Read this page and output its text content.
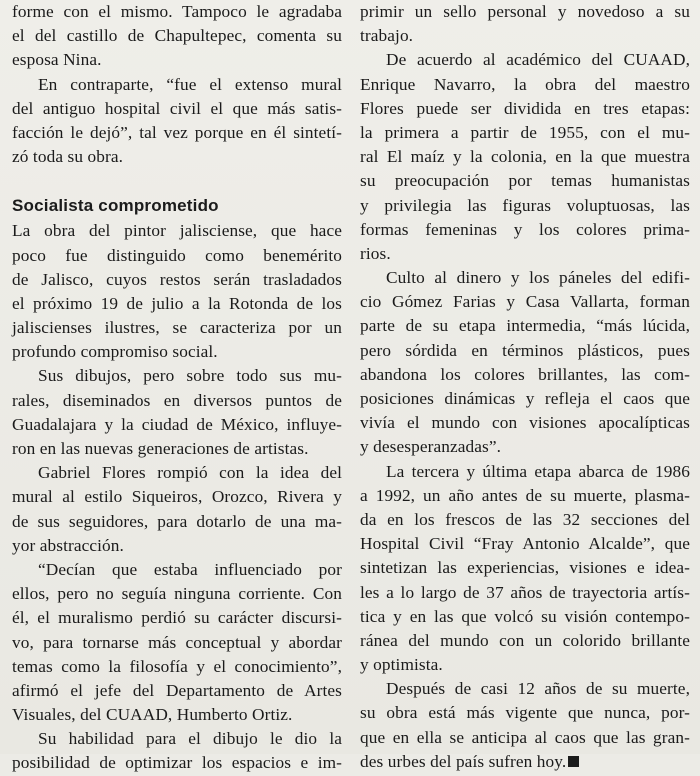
forme con el mismo. Tampoco le agradaba
el del castillo de Chapultepec, comenta su
esposa Nina.
En contraparte, “fue el extenso mural
del antiguo hospital civil el que más satis-
facción le dejó”, tal vez porque en él sintetí-
zó toda su obra.
Socialista comprometido
La obra del pintor jalisciense, que hace
poco fue distinguido como benemérito
de Jalisco, cuyos restos serán trasladados
el próximo 19 de julio a la Rotonda de los
jaliscienses ilustres, se caracteriza por un
profundo compromiso social.
Sus dibujos, pero sobre todo sus mu-
rales, diseminados en diversos puntos de
Guadalajara y la ciudad de México, influye-
ron en las nuevas generaciones de artistas.
Gabriel Flores rompió con la idea del
mural al estilo Siqueiros, Orozco, Rivera y
de sus seguidores, para dotarlo de una ma-
yor abstracción.
“Decían que estaba influenciado por
ellos, pero no seguía ninguna corriente. Con
él, el muralismo perdió su carácter discursi-
vo, para tornarse más conceptual y abordar
temas como la filosofía y el conocimiento”,
afirmó el jefe del Departamento de Artes
Visuales, del CUAAD, Humberto Ortiz.
Su habilidad para el dibujo le dio la
posibilidad de optimizar los espacios e im-
primir un sello personal y novedoso a su
trabajo.
De acuerdo al académico del CUAAD,
Enrique Navarro, la obra del maestro
Flores puede ser dividida en tres etapas:
la primera a partir de 1955, con el mu-
ral El maíz y la colonia, en la que muestra
su preocupación por temas humanistas
y privilegia las figuras voluptuosas, las
formas femeninas y los colores prima-
rios.
Culto al dinero y los páneles del edifi-
cio Gómez Farias y Casa Vallarta, forman
parte de su etapa intermedia, “más lúcida,
pero sórdida en términos plásticos, pues
abandona los colores brillantes, las com-
posiciones dinámicas y refleja el caos que
vivía el mundo con visiones apocalípticas
y desesperanzadas”.
La tercera y última etapa abarca de 1986
a 1992, un año antes de su muerte, plasma-
da en los frescos de las 32 secciones del
Hospital Civil “Fray Antonio Alcalde”, que
sintetizan las experiencias, visiones e idea-
les a lo largo de 37 años de trayectoria artís-
tica y en las que volcó su visión contempo-
ránea del mundo con un colorido brillante
y optimista.
Después de casi 12 años de su muerte,
su obra está más vigente que nunca, por-
que en ella se anticipa al caos que las gran-
des urbes del país sufren hoy.
